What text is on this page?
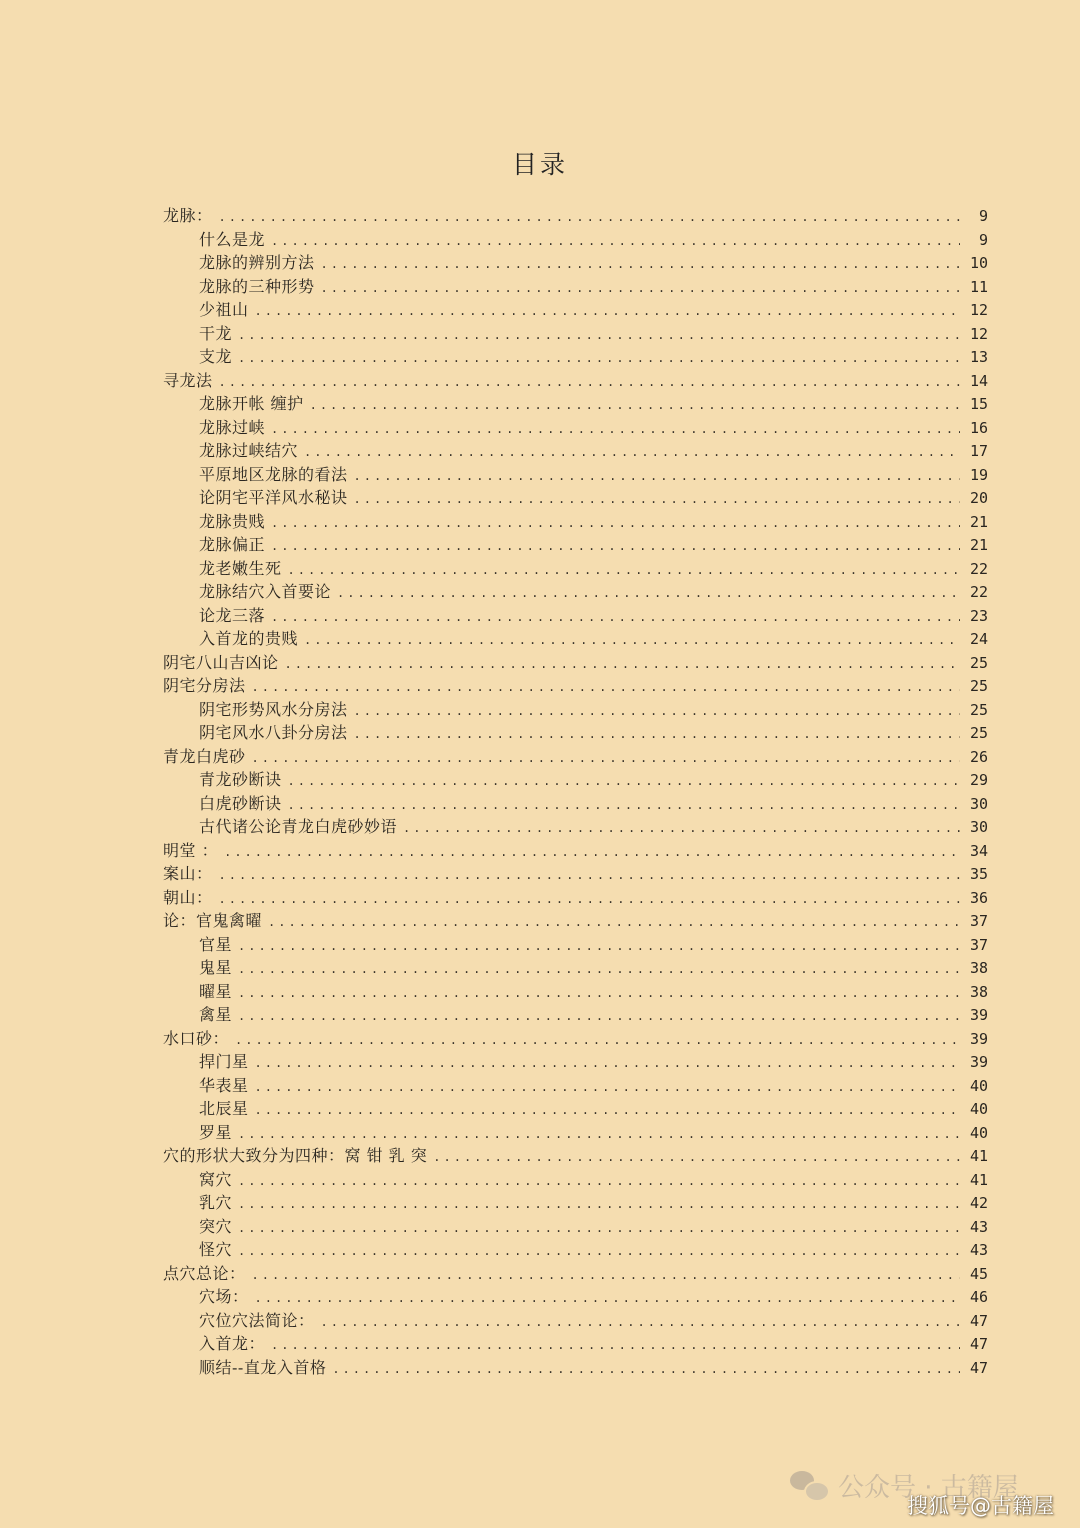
目录
龙脉： .....	9
什么是龙 .....	9
龙脉的辨别方法 .....	10
龙脉的三种形势 .....	11
少祖山 .....	12
干龙 .....	12
支龙 .....	13
寻龙法 .....	14
龙脉开帐 缠护 .....	15
龙脉过峡 .....	16
龙脉过峡结穴 .....	17
平原地区龙脉的看法 .....	19
论阴宅平洋风水秘诀 .....	20
龙脉贵贱 .....	21
龙脉偏正 .....	21
龙老嫩生死 .....	22
龙脉结穴入首要论 .....	22
论龙三落 .....	23
入首龙的贵贱 .....	24
阴宅八山吉凶论 .....	25
阴宅分房法 .....	25
阴宅形势风水分房法 .....	25
阴宅风水八卦分房法 .....	25
青龙白虎砂 .....	26
青龙砂断诀 .....	29
白虎砂断诀 .....	30
古代诸公论青龙白虎砂妙语 .....	30
明堂 ： .....	34
案山： .....	35
朝山： .....	36
论：官鬼禽曜 .....	37
官星 .....	37
鬼星 .....	38
曜星 .....	38
禽星 .....	39
水口砂： .....	39
捍门星 .....	39
华表星 .....	40
北辰星 .....	40
罗星 .....	40
穴的形状大致分为四种：窝 钳 乳 突 .....	41
窝穴 .....	41
乳穴 .....	42
突穴 .....	43
怪穴 .....	43
点穴总论： .....	45
穴场： .....	46
穴位穴法简论： .....	47
入首龙： .....	47
顺结--直龙入首格 .....	47
公众号 · 古籍屋
搜狐号@古籍屋
